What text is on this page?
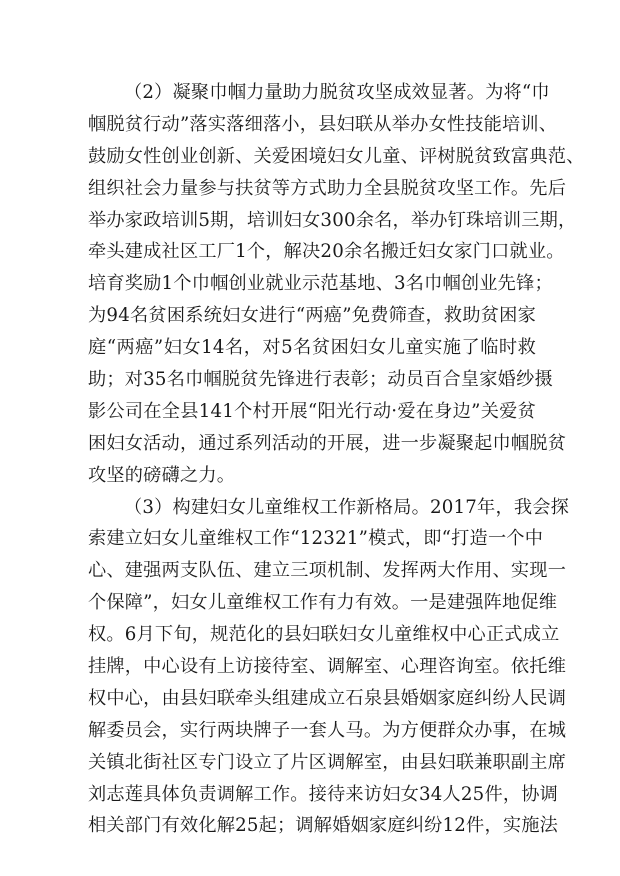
（2）凝聚巾帼力量助力脱贫攻坚成效显著。为将“巾
帼脱贫行动”落实落细落小，县妇联从举办女性技能培训、
鼓励女性创业创新、关爱困境妇女儿童、评树脱贫致富典范、
组织社会力量参与扶贫等方式助力全县脱贫攻坚工作。先后
举办家政培训5期，培训妇女300余名，举办钉珠培训三期，
牵头建成社区工厂1个，解决20余名搬迁妇女家门口就业。
培育奖励1个巾帼创业就业示范基地、3名巾帼创业先锋；
为94名贫困系统妇女进行“两癌”免费筛查，救助贫困家
庭“两癌”妇女14名，对5名贫困妇女儿童实施了临时救
助；对35名巾帼脱贫先锋进行表彰；动员百合皇家婚纱摄
影公司在全县141个村开展“阳光行动·爱在身边”关爱贫
困妇女活动，通过系列活动的开展，进一步凝聚起巾帼脱贫
攻坚的磅礴之力。
（3）构建妇女儿童维权工作新格局。2017年，我会探
索建立妇女儿童维权工作“12321”模式，即“打造一个中
心、建强两支队伍、建立三项机制、发挥两大作用、实现一
个保障”，妇女儿童维权工作有力有效。一是建强阵地促维
权。6月下旬，规范化的县妇联妇女儿童维权中心正式成立
挂牌，中心设有上访接待室、调解室、心理咨询室。依托维
权中心，由县妇联牵头组建成立石泉县婚姻家庭纠纷人民调
解委员会，实行两块牌子一套人马。为方便群众办事，在城
关镇北街社区专门设立了片区调解室，由县妇联兼职副主席
刘志莲具体负责调解工作。接待来访妇女34人25件，协调
相关部门有效化解25起；调解婚姻家庭纠纷12件，实施法
